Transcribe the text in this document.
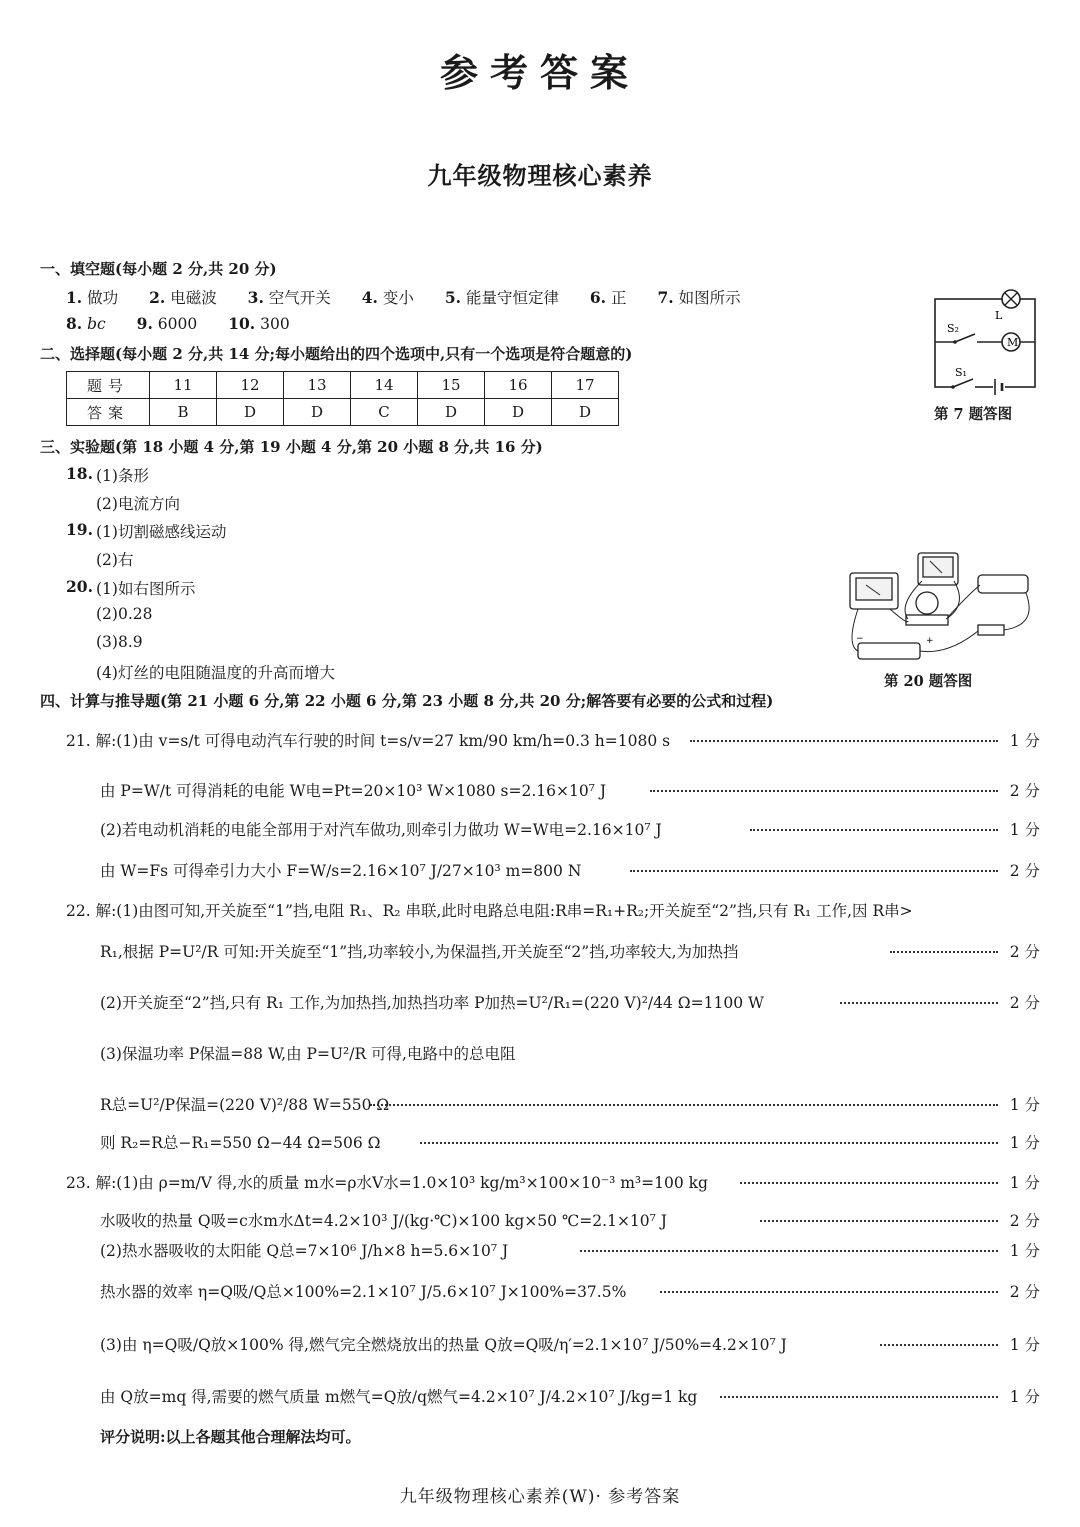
参考答案
九年级物理核心素养
一、填空题(每小题 2 分,共 20 分)
1. 做功 2. 电磁波 3. 空气开关 4. 变小 5. 能量守恒定律 6. 正 7. 如图所示
8. bc 9. 6000 10. 300	L
S₂
M
S₁
第 7 题答图
二、选择题(每小题 2 分,共 14 分;每小题给出的四个选项中,只有一个选项是符合题意的)
题号	11	12	13	14	15	16	17
答案	B	D	D	C	D	D	D
三、实验题(第 18 小题 4 分,第 19 小题 4 分,第 20 小题 8 分,共 16 分)
18. (1)条形
(2)电流方向
19. (1)切割磁感线运动
(2)右
20. (1)如右图所示
(2)0.28
(3)8.9
(4)灯丝的电阻随温度的升高而增大
−	+
第 20 题答图
四、计算与推导题(第 21 小题 6 分,第 22 小题 6 分,第 23 小题 8 分,共 20 分;解答要有必要的公式和过程)
21. 解:(1)由 v=s/t 可得电动汽车行驶的时间 t=s/v=27 km/90 km/h=0.3 h=1080 s	1 分
由 P=W/t 可得消耗的电能 W电=Pt=20×10³ W×1080 s=2.16×10⁷ J	2 分
(2)若电动机消耗的电能全部用于对汽车做功,则牵引力做功 W=W电=2.16×10⁷ J	1 分
由 W=Fs 可得牵引力大小 F=W/s=2.16×10⁷ J/27×10³ m=800 N	2 分
22. 解:(1)由图可知,开关旋至“1”挡,电阻 R₁、R₂ 串联,此时电路总电阻:R串=R₁+R₂;开关旋至“2”挡,只有 R₁ 工作,因 R串>
R₁,根据 P=U²/R 可知:开关旋至“1”挡,功率较小,为保温挡,开关旋至“2”挡,功率较大,为加热挡	2 分
(2)开关旋至“2”挡,只有 R₁ 工作,为加热挡,加热挡功率 P加热=U²/R₁=(220 V)²/44 Ω=1100 W	2 分
(3)保温功率 P保温=88 W,由 P=U²/R 可得,电路中的总电阻
R总=U²/P保温=(220 V)²/88 W=550 Ω	1 分
则 R₂=R总−R₁=550 Ω−44 Ω=506 Ω	1 分
23. 解:(1)由 ρ=m/V 得,水的质量 m水=ρ水V水=1.0×10³ kg/m³×100×10⁻³ m³=100 kg	1 分
水吸收的热量 Q吸=c水m水Δt=4.2×10³ J/(kg·℃)×100 kg×50 ℃=2.1×10⁷ J	2 分
(2)热水器吸收的太阳能 Q总=7×10⁶ J/h×8 h=5.6×10⁷ J	1 分
热水器的效率 η=Q吸/Q总×100%=2.1×10⁷ J/5.6×10⁷ J×100%=37.5%	2 分
(3)由 η=Q吸/Q放×100% 得,燃气完全燃烧放出的热量 Q放=Q吸/η′=2.1×10⁷ J/50%=4.2×10⁷ J	1 分
由 Q放=mq 得,需要的燃气质量 m燃气=Q放/q燃气=4.2×10⁷ J/4.2×10⁷ J/kg=1 kg	1 分
评分说明:以上各题其他合理解法均可。
九年级物理核心素养(W)· 参考答案
